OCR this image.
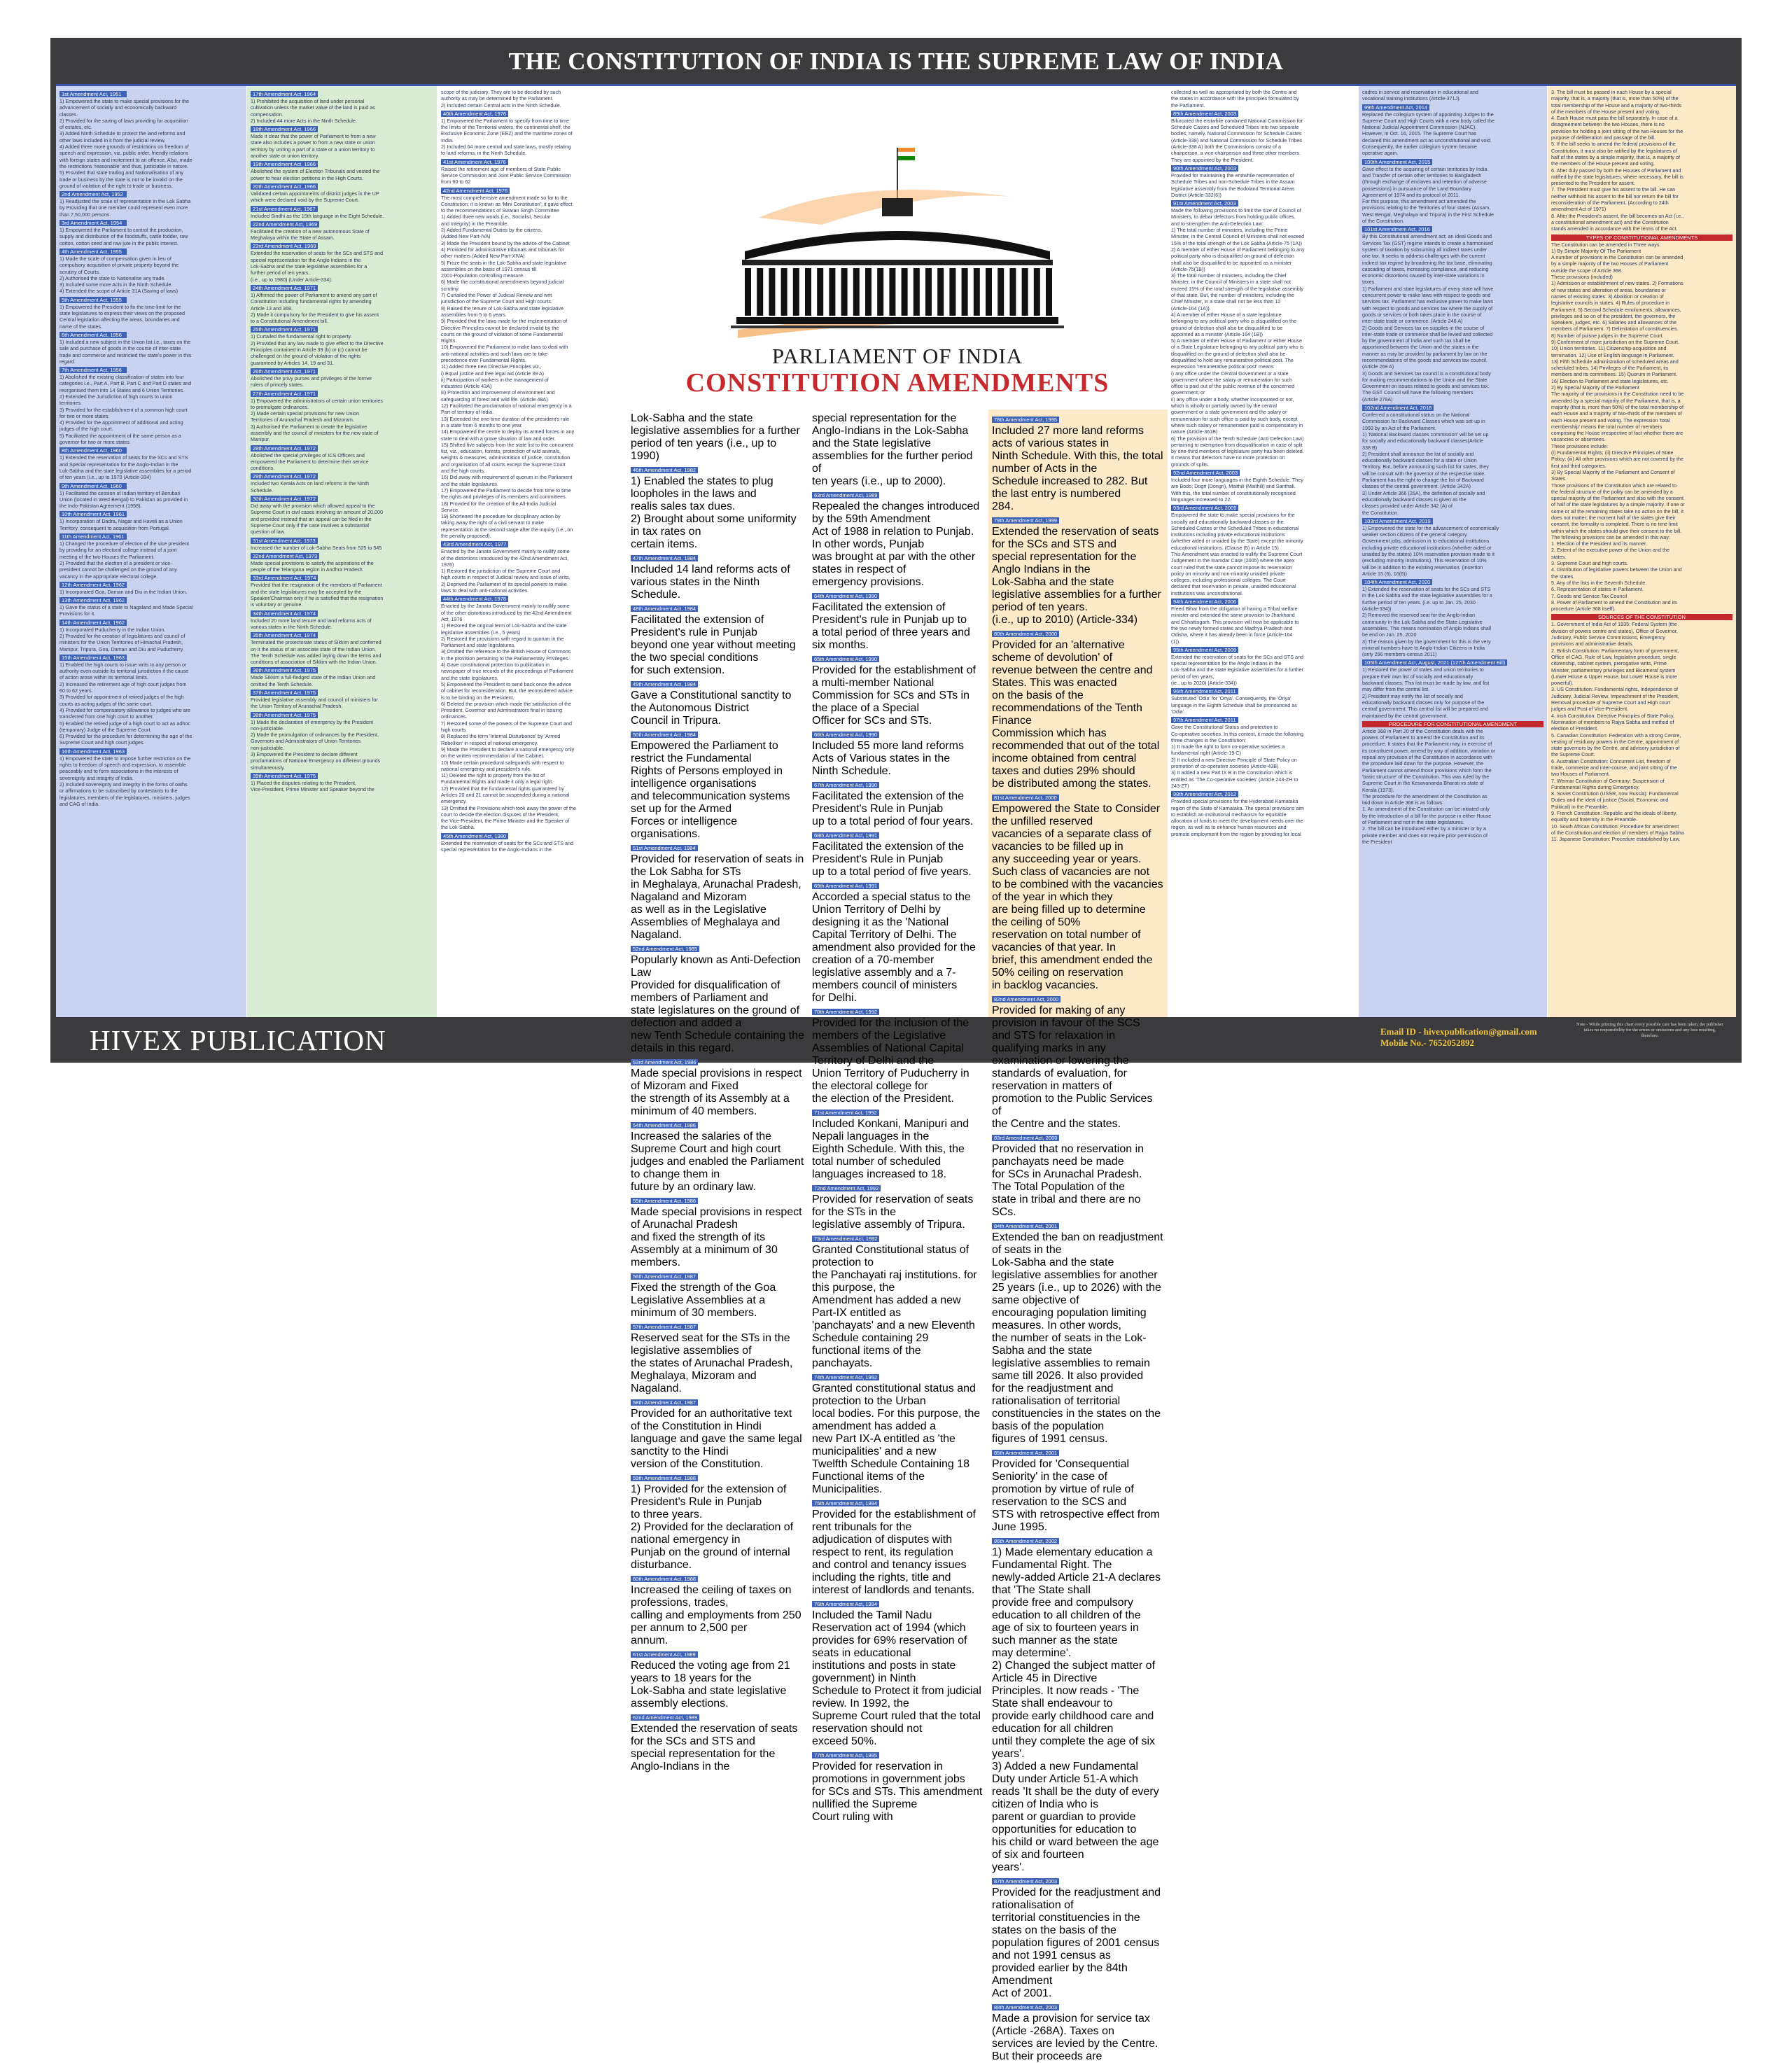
THE CONSTITUTION OF INDIA IS THE SUPREME LAW OF INDIA
1st Amendment Act, 1951
1) Empowered the state to make special provisions for the
advancement of socially and economically backward
classes.
2) Provided for the saving of laws providing for acquisition
of estates, etc.
3) Added Ninth Schedule to protect the land reforms and
other laws included in it from the judicial review.
4) Added three more grounds of restrictions on freedom of
speech and expression, viz. public order, friendly relations
with foreign states and incitement to an offence. Also, made
the restrictions 'reasonable' and thus, justiciable in nature.
5) Provided that state trading and Nationalisation of any
trade or business by the state is not to be invalid on the
ground of violation of the right to trade or business.
2nd Amendment Act, 1952
1) Readjusted the scale of representation in the Lok Sabha
by Providing that one member could represent even more
than 7,50,000 persons.
3rd Amendment Act, 1954
1) Empowered the Parliament to control the production,
supply and distribution of the foodstuffs, cattle fodder, raw
cotton, cotton seed and raw jute in the public interest.
4th Amendment Act, 1955
1) Made the scale of compensation given in lieu of
compulsory acquisition of private property beyond the
scrutiny of Courts.
2) Authorised the state to Nationalise any trade.
3) Included some more Acts in the Ninth Schedule.
4) Extended the scope of Article 31A (Saving of laws)
5th Amendment Act, 1955
1) Empowered the President to fix the time-limit for the
state legislatures to express their views on the proposed
Central legislation affecting the areas, boundaries and
name of the states.
6th Amendment Act, 1956
1) Included a new subject in the Union list i.e., taxes on the
sale and purchase of goods in the course of inter-state
trade and commerce and restricted the state's power in this
regard.
7th Amendment Act, 1956
1) Abolished the existing classification of states into four
categories i.e., Part A, Part B, Part C and Part D states and
reorganised them into 14 States and 6 Union Territories.
2) Extended the Jurisdiction of high courts to union
territories.
3) Provided for the establishment of a common high court
for two or more states.
4) Provided for the appointment of additional and acting
judges of the high court.
5) Facilitated the appointment of the same person as a
governor for two or more states.
8th Amendment Act, 1960
1) Extended the reservation of seats for the SCs and STS
and Special representation for the Anglo-Indian in the
Lok-Sabha and the state legislative assemblies for a period
of ten years (i.e., up to 1970 (Article-334)
9th Amendment Act, 1960
1) Facilitated the cession of Indian territory of Berubari
Union (located in West Bengal) to Pakistan as provided in
the Indo-Pakistan Agreement (1958).
10th Amendment Act, 1961
1) Incorporation of Dadra, Nagar and Haveli as a Union
Territory, consequent to acquisition from Portugal.
11th Amendment Act, 1961
1) Changed the procedure of election of the vice president
by providing for an electoral college instead of a joint
meeting of the two Houses the Parliament.
2) Provided that the election of a president or vice-
president cannot be challenged on the ground of any
vacancy in the appropriate electoral college.
12th Amendment Act, 1962
1) Incorporated Goa, Daman and Diu in the Indian Union.
13th Amendment Act, 1962
1) Gave the status of a state to Nagaland and Made Special
Provisions for it.
14th Amendment Act, 1962
1) Incorporated Puducherry in the Indian Union.
2) Provided for the creation of legislatures and council of
ministers for the Union Territories of Himachal Pradesh,
Manipur, Tripura, Goa, Daman and Diu and Puducherry.
15th Amendment Act, 1963
1) Enabled the high courts to issue writs to any person or
authority even outside its territorial jurisdiction if the cause
of action arose within its territorial limits.
2) Increased the retirement age of high court judges from
60 to 62 years.
3) Provided for appointment of retired judges of the high
courts as acting judges of the same court.
4) Provided for compensatory allowance to judges who are
transferred from one high court to another.
5) Enabled the retired judge of a high court to act as adhoc
(temporary) Judge of the Supreme Court.
6) Provided for the procedure for determining the age of the
Supreme Court and high court judges.
16th Amendment Act, 1963
1) Empowered the state to impose further restriction on the
rights to freedom of speech and expression, to assemble
peaceably and to form associations in the interests of
sovereignty and integrity of India.
2) Included sovereignty and integrity in the forms of oaths
or affirmations to be subscribed by contestants to the
legislatures, members of the legislatures, ministers, judges
and CAG of India.
17th Amendment Act, 1964
1) Prohibited the acquisition of land under personal
cultivation unless the market value of the land is paid as
compensation.
2) Included 44 more Acts in the Ninth Schedule.
18th Amendment Act, 1966
Made it clear that the power of Parliament to from a new
state also includes a power to from a new state or union
territory by uniting a part of a state or a union territory to
another state or union territory.
19th Amendment Act, 1966
Abolished the system of Election Tribunals and vested the
power to hear election petitions in the High Courts.
20th Amendment Act, 1966
Validated certain appointments of district judges in the UP
which were declared void by the Supreme Court.
21st Amendment Act, 1967
Included Sindhi as the 15th language in the Eight Schedule.
22nd Amendment Act, 1969
Facilitated the creation of a new autonomous State of
Meghalaya within the State of Assam.
23rd Amendment Act, 1969
Extended the reservation of seats for the SCs and STS and
special representation for the Anglo Indians in the
Lok-Sabha and the state legislative assemblies for a
further period of ten years,
(i.e., up to 1980) (Under Article-334).
24th Amendment Act, 1971
1) Affirmed the power of Parliament to amend any part of
Constitution including fundamental rights by amending
Article 13 and 368.
2) Made it compulsory for the President to give his assent
to a Constitutional Amendment bill.
25th Amendment Act, 1971
1) Curtailed the fundamental right to property.
2) Provided that any law made to give effect to the Directive
Principles contained in Article 39 (b) or (c) cannot be
challenged on the ground of violation of the rights
guaranteed by Articles 14, 19 and 31.
26th Amendment Act, 1971
Abolished the privy purses and privileges of the former
rulers of princely states.
27th Amendment Act, 1971
1) Empowered the administrators of certain union territories
to promulgate ordinances.
2) Made certain special provisions for new Union
Territories of Arunachal Pradesh and Mizoram.
3) Authorised the Parliament to create the legislative
assembly and the council of ministers for the new state of
Manipur.
28th Amendment Act, 1972
Abolished the special privileges of ICS Officers and
empowered the Parliament to determine their service
conditions.
29th Amendment Act, 1972
Included two Kerala Acts on land reforms in the Ninth
Schedule.
30th Amendment Act, 1972
Did away with the provision which allowed appeal to the
Supreme Court in civil cases involving an amount of 20,000
and provided instead that an appeal can be filed in the
Supreme Court only if the case involves a substantial
question of law.
31st Amendment Act, 1973
Increased the number of Lok-Sabha Seats from 525 to 545
32nd Amendment Act, 1973
Made special provisions to satisfy the aspirations of the
people of the Telangana region in Andhra Pradesh
33rd Amendment Act, 1974
Provided that the resignation of the members of Parliament
and the state legislatures may be accepted by the
Speaker/Chairman only if he is satisfied that the resignation
is voluntary or genuine.
34th Amendment Act, 1974
Included 20 more land tenure and land reforms acts of
various states in the Ninth Schedule.
35th Amendment Act, 1974
Terminated the protectorate status of Sikkim and conferred
on it the status of an associate state of the Indian Union.
The Tenth Schedule was added laying down the terms and
conditions of association of Sikkim with the Indian Union.
36th Amendment Act, 1975
Made Sikkim a full-fledged state of the Indian Union and
omitted the Tenth Schedule.
37th Amendment Act, 1975
Provided legislative assembly and council of ministers for
the Union Territory of Arunachal Pradesh.
38th Amendment Act, 1975
1) Made the declaration of emergency by the President
non-justiciable.
2) Made the promulgation of ordinances by the President,
Governors and Administrators of Union Territories
non-justiciable.
3) Empowered the President to declare different
proclamations of National Emergency on different grounds
simultaneously.
39th Amendment Act, 1975
1) Placed the disputes relating to the President,
Vice-President, Prime Minister and Speaker beyond the
scope of the judiciary. They are to be decided by such
authority as may be determined by the Parliament.
2) Included certain Central acts in the Ninth Schedule.
40th Amendment Act, 1976
1) Empowered the Parliament to specify from time to time
the limits of the Territorial waters, the continental shelf, the
Exclusive Economic Zone (EEZ) and the maritime zones of
India.
2) Included 64 more central and state laws, mostly relating
to land reforms, in the Ninth Schedule.
41st Amendment Act, 1976
Raised the retirement age of members of State Public
Service Commission and Joint Public Service Commission
from 60 to 62
42nd Amendment Act, 1976
The most comprehensive amendment made so far to the
Constitution; it is known as 'Mini Constitution'; it gave effect
to the recommendations of Swaran Singh Committee
1) Added three new words (i.e., Socialist, Secular
and Integrity) in the Preamble.
2) Added Fundamental Duties by the citizens.
(Added New Part-IVA)
3) Made the President bound by the advice of the Cabinet
4) Provided for administrative tribunals and tribunals for
other matters (Added New Part-XIVA)
5) Froze the seats in the Lok-Sabha and state legislative
assemblies on the basis of 1971 census till
2001-Population controlling measure.
6) Made the constitutional amendments beyond judicial
scrutiny.
7) Curtailed the Power of Judicial Review and writ
jurisdiction of the Supreme Court and High courts.
8) Raised the tenure of Lok-Sabha and state legislative
assemblies from 5 to 6 years.
9) Provided that the laws made for the implementation of
Directive Principles cannot be declared invalid by the
courts on the ground of violation of some Fundamental
Rights.
10) Empowered the Parliament to make laws to deal with
anti-national activities and such laws are to take
precedence over Fundamental Rights.
11) Added three new Directive Principles viz.,
i) Equal justice and free legal aid (Article 39 A)
ii) Participation of workers in the management of
industries (Article 43A)
iii) Protection and improvement of environment and
safeguarding of forest and wild life. (Article 48A)
12) Facilitated the proclamation of national emergency in a
Part of territory of India.
13) Extended the one-time duration of the president's rule
in a state from 6 months to one year.
14) Empowered the centre to deploy its armed forces in any
state to deal with a grave situation of law and order.
15) Shifted five subjects from the state list to the concurrent
list, viz., education, forests, protection of wild animals,
weights & measures, administration of justice, constitution
and organisation of all courts except the Supreme Court
and the high courts.
16) Did away with requirement of quorum in the Parliament
and the state legislatures.
17) Empowered the Parliament to decide from time to time
the rights and privileges of its members and committees.
18) Provided for the creation of the All-India Judicial
Service.
19) Shortened the procedure for disciplinary action by
taking away the right of a civil servant to make
representation at the second stage after the inquiry (i.e., on
the penalty proposed).
43rd Amendment Act, 1977
Enacted by the Janata Government mainly to nullify some
of the distortions introduced by the 42nd Amendment Act,
1976)
1) Restored the jurisdiction of the Supreme Court and
high courts in respect of Judicial review and issue of writs.
2) Deprived the Parliament of its special powers to make
laws to deal with anti-national activities.
44th Amendment Act, 1978
Enacted by the Janata Government mainly to nullify some
of the other distortions introduced by the 42nd Amendment
Act, 1976
1) Restored the original term of Lok-Sabha and the state
legislative assemblies (i.e., 5 years)
2) Restored the provisions with regard to quorum in the
Parliament and state legislatures.
3) Omitted the reference to the British House of Commons
in the provision pertaining to the Parliamentary Privileges.
4) Gave constitutional protection to publication in
newspaper of true records of the proceedings of Parliament
and the state legislatures.
5) Empowered the President to send back once the advice
of cabinet for reconsideration. But, the reconsidered advice
is to be binding on the President.
6) Deleted the provision which made the satisfaction of the
President, Governor and Administrators final in issuing
ordinances.
7) Restored some of the powers of the Supreme Court and
high courts.
8) Replaced the term 'Internal Disturbance' by 'Armed
Rebellion' in respect of national emergency.
9) Made the President to declare a national emergency only
on the written recommendation of the Cabinet.
10) Made certain procedural safeguards with respect to
national emergency and president's rule.
11) Deleted the right to property from the list of
Fundamental Rights and made it only a legal right.
12) Provided that the fundamental rights guaranteed by
Articles 20 and 21 cannot be suspended during a national
emergency.
13) Omitted the Provisions which took away the power of the
court to decide the election disputes of the President,
the Vice-President, the Prime Minister and the Speaker of
the Lok-Sabha.
45th Amendment Act, 1980
Extended the reservation of seats for the SCs and STS and
special representation for the Anglo-Indians in the
PARLIAMENT OF INDIA
CONSTITUTION AMENDMENTS
Lok-Sabha and the state legislative assemblies for a further
period of ten years (i.e., up to 1990)
46th Amendment Act, 1982
1) Enabled the states to plug loopholes in the laws and
realis sales tax dues.
2) Brought about some uniformity in tax rates on
certain items.
47th Amendment Act, 1984
Included 14 land reforms acts of various states in the Ninth
Schedule.
48th Amendment Act, 1984
Facilitated the extension of President's rule in Punjab
beyond one year without meeting the two special conditions
for such extension.
49th Amendment Act, 1984
Gave a Constitutional sanctity to the Autonomous District
Council in Tripura.
50th Amendment Act, 1984
Empowered the Parliament to restrict the Fundamental
Rights of Persons employed in intelligence organisations
and telecommunication systems set up for the Armed
Forces or intelligence organisations.
51st Amendment Act, 1984
Provided for reservation of seats in the Lok Sabha for STs
in Meghalaya, Arunachal Pradesh, Nagaland and Mizoram
as well as in the Legislative Assemblies of Meghalaya and
Nagaland.
52nd Amendment Act, 1985
Popularly known as Anti-Defection Law
Provided for disqualification of members of Parliament and
state legislatures on the ground of defection and added a
new Tenth Schedule containing the details in this regard.
53rd Amendment Act, 1986
Made special provisions in respect of Mizoram and Fixed
the strength of its Assembly at a minimum of 40 members.
54th Amendment Act, 1986
Increased the salaries of the Supreme Court and high court
judges and enabled the Parliament to change them in
future by an ordinary law.
55th Amendment Act, 1986
Made special provisions in respect of Arunachal Pradesh
and fixed the strength of its Assembly at a minimum of 30
members.
56th Amendment Act, 1987
Fixed the strength of the Goa Legislative Assemblies at a
minimum of 30 members.
57th Amendment Act, 1987
Reserved seat for the STs in the legislative assemblies of
the states of Arunachal Pradesh, Meghalaya, Mizoram and
Nagaland.
58th Amendment Act, 1987
Provided for an authoritative text of the Constitution in Hindi
language and gave the same legal sanctity to the Hindi
version of the Constitution.
59th Amendment Act, 1988
1) Provided for the extension of President's Rule in Punjab
to three years.
2) Provided for the declaration of national emergency in
Punjab on the ground of internal disturbance.
60th Amendment Act, 1988
Increased the ceiling of taxes on professions, trades,
calling and employments from 250 per annum to 2,500 per
annum.
61st Amendment Act, 1989
Reduced the voting age from 21 years to 18 years for the
Lok-Sabha and state legislative assembly elections.
62nd Amendment Act, 1989
Extended the reservation of seats for the SCs and STS and
special representation for the Anglo-Indians in the
special representation for the Anglo-Indians in the Lok-Sabha
and the State legislative assemblies for the further period of
ten years (i.e., up to 2000).
63rd Amendment Act, 1989
Repealed the changes introduced by the 59th Amendment
Act of 1988 in relation to Punjab. In other words, Punjab
was brought at par with the other states in respect of
emergency provisions.
64th Amendment Act, 1990
Facilitated the extension of President's rule in Punjab up to
a total period of three years and six months.
65th Amendment Act, 1990
Provided for the establishment of a multi-member National
Commission for SCs and STs in the place of a Special
Officer for SCs and STs.
66th Amendment Act, 1990
Included 55 more land reforms Acts of Various states in the
Ninth Schedule.
67th Amendment Act, 1990
Facilitated the extension of the President's Rule in Punjab
up to a total period of four years.
68th Amendment Act, 1991
Facilitated the extension of the President's Rule in Punjab
up to a total period of five years.
69th Amendment Act, 1991
Accorded a special status to the Union Territory of Delhi by
designing it as the 'National Capital Territory of Delhi. The
amendment also provided for the creation of a 70-member
legislative assembly and a 7-members council of ministers
for Delhi.
70th Amendment Act, 1992
Provided for the inclusion of the members of the Legislative
Assemblies of National Capital Territory of Delhi and the
Union Territory of Puducherry in the electoral college for
the election of the President.
71st Amendment Act, 1992
Included Konkani, Manipuri and Nepali languages in the
Eighth Schedule. With this, the total number of scheduled
languages increased to 18.
72nd Amendment Act, 1992
Provided for reservation of seats for the STs in the
legislative assembly of Tripura.
73rd Amendment Act, 1992
Granted Constitutional status of protection to
the Panchayati raj institutions. for this purpose, the
Amendment has added a new Part-IX entitled as
'panchayats' and a new Eleventh Schedule containing 29
functional items of the panchayats.
74th Amendment Act, 1992
Granted constitutional status and protection to the Urban
local bodies. For this purpose, the amendment has added a
new Part IX-A entitled as 'the municipalities' and a new
Twelfth Schedule Containing 18 Functional items of the
Municipalities.
75th Amendment Act, 1994
Provided for the establishment of rent tribunals for the
adjudication of disputes with respect to rent, its regulation
and control and tenancy issues including the rights, title and
interest of landlords and tenants.
76th Amendment Act, 1994
Included the Tamil Nadu Reservation act of 1994 (which
provides for 69% reservation of seats in educational
institutions and posts in state government) in Ninth
Schedule to Protect it from judicial review. In 1992, the
Supreme Court ruled that the total reservation should not
exceed 50%.
77th Amendment Act, 1995
Provided for reservation in promotions in government jobs
for SCs and STs. This amendment nullified the Supreme
Court ruling with
78th Amendment Act, 1995
Included 27 more land reforms acts of various states in
Ninth Schedule. With this, the total number of Acts in the
Schedule increased to 282. But the last entry is numbered
284.
79th Amendment Act, 1999
Extended the reservation of seats for the SCs and STS and
special representation for the Anglo Indians in the
Lok-Sabha and the state legislative assemblies for a further
period of ten years.
(i.e., up to 2010) (Article-334)
80th Amendment Act, 2000
Provided for an 'alternative scheme of devolution' of
revenue between the centre and States. This was enacted
on the basis of the recommendations of the Tenth Finance
Commission which has recommended that out of the total
income obtained from central taxes and duties 29% should
be distributed among the states.
81st Amendment Act, 2000
Empowered the State to Consider the unfilled reserved
vacancies of a separate class of vacancies to be filled up in
any succeeding year or years. Such class of vacancies are not
to be combined with the vacancies of the year in which they
are being filled up to determine the ceiling of 50%
reservation on total number of vacancies of that year. In
brief, this amendment ended the 50% ceiling on reservation
in backlog vacancies.
82nd Amendment Act, 2000
Provided for making of any provision in favour of the SCS
and STS for relaxation in qualifying marks in any
examination or lowering the standards of evaluation, for
reservation in matters of promotion to the Public Services of
the Centre and the states.
83rd Amendment Act, 2000
Provided that no reservation in panchayats need be made
for SCs in Arunachal Pradesh. The Total Population of the
state in tribal and there are no SCs.
84th Amendment Act, 2001
Extended the ban on readjustment of seats in the
Lok-Sabha and the state legislative assemblies for another
25 years (i.e., up to 2026) with the same objective of
encouraging population limiting measures. In other words,
the number of seats in the Lok-Sabha and the state
legislative assemblies to remain same till 2026. It also provided
for the readjustment and rationalisation of territorial
constituencies in the states on the basis of the population
figures of 1991 census.
85th Amendment Act, 2001
Provided for 'Consequential Seniority' in the case of
promotion by virtue of rule of reservation to the SCS and
STS with retrospective effect from June 1995.
86th Amendment Act, 2002
1) Made elementary education a Fundamental Right. The
newly-added Article 21-A declares that 'The State shall
provide free and compulsory education to all children of the
age of six to fourteen years in such manner as the state
may determine'.
2) Changed the subject matter of Article 45 in Directive
Principles. It now reads - 'The State shall endeavour to
provide early childhood care and education for all children
until they complete the age of six years'.
3) Added a new Fundamental Duty under Article 51-A which
reads 'It shall be the duty of every citizen of India who is
parent or guardian to provide opportunities for education to
his child or ward between the age of six and fourteen
years'.
87th Amendment Act, 2003
Provided for the readjustment and rationalisation of
territorial constituencies in the states on the basis of the
population figures of 2001 census and not 1991 census as
provided earlier by the 84th Amendment
Act of 2001.
88th Amendment Act, 2003
Made a provision for service tax (Article -268A). Taxes on
services are levied by the Centre. But their proceeds are
collected as well as appropriated by both the Centre and
the states in accordance with the principles formulated by
the Parliament.
89th Amendment Act, 2003
Bifurcated the erstwhile combined National Commission for
Schedule Castes and Scheduled Tribes into two separate
bodies, namely, National Commission for Schedule Castes
(Article-338) and National Commission for Schedule Tribes
(Article-338 A) both the Commissions consist of a
chairperson, a vice-chairperson and three other members.
They are appointed by the President.
90th Amendment Act, 2003
Provided for maintaining the erstwhile representation of
Schedule Tribes and non-Schedule Tribes in the Assam
legislative assembly from the Bodoland Territorial Areas
District (Article-332(6))
91st Amendment Act, 2003
Made the following provisions to limit the size of Council of
Ministers, to debar defectors from holding public offices,
and to strengthen the Anti-Defection Law:
1) The total number of ministers, including the Prime
Minister, in the Central Council of Ministers shall not exceed
15% of the total strength of the Lok Sabha (Article-75 (1A))
2) A member of either House of Parliament belonging to any
political party who is disqualified on ground of defection
shall also be disqualified to be appointed as a minister
(Article-75(1B))
3) The total number of ministers, including the Chief
Minister, in the Council of Ministers in a state shall not
exceed 15% of the total strength of the legislative assembly
of that state. But, the number of ministers, including the
Chief Minister, in a state shall not be less than 12
(Article-164 (1A)).
4) A member of either House of a state legislature
belonging to any political party who is disqualified on the
ground of defection shall also be disqualified to be
appointed as a minister (Article-164 (1B))
5) A member of either House of Parliament or either House
of a State Legislature belonging to any political party who is
disqualified on the ground of defection shall also be
disqualified to hold any remunerative political post. The
expression 'remunerative political post' means
i) any office under the Central Government or a state
government where the salary or remuneration for such
office is paid out of the public revenue of the concerned
government; or
ii) any office under a body, whether incorporated or not,
which is wholly or partially owned by the central
government or a state government and the salary or
remuneration for such office is paid by such body, except
where such salary or remuneration paid is compensatory in
nature (Article-361B)
6) The provision of the Tenth Schedule (Anti Defection Law)
pertaining to exemption from disqualification in case of split
by one-third members of legislature party has been deleted.
It means that defectors have no more protection on
grounds of splits.
92nd Amendment Act, 2003
Included four more languages in the Eighth Schedule. They
are Bodo, Dogri (Dongri), Maithili (Maithili) and Santhali.
With this, the total number of constitutionally recognised
languages increased to 22.
93rd Amendment Act, 2005
Empowered the state to make special provisions for the
socially and educationally backward classes or the
Scheduled Castes or the Scheduled Tribes in educational
institutions including private educational institutions
(whether aided or unaided by the State) except the minority
educational institutions. (Clause (5) in Article 15)
This Amendment was enacted to nullify the Supreme Court
Judgement in the Inamdar Case (2005) where the apex
court ruled that the state cannot impose its reservation
policy on minority and non-minority unaided private
colleges, including professional colleges. The Court
declared that reservation in private, unaided educational
institutions was unconstitutional.
94th Amendment Act, 2006
Freed Bihar from the obligation of having a Tribal welfare
minister and extended the same provision to Jharkhand
and Chhattisgarh. This provision will now be applicable to
the two newly formed states and Madhya Pradesh and
Odisha, where it has already been in force (Article-164
(1)).
95th Amendment Act, 2009
Extended the reservation of seats for the SCs and STS and
special representation for the Anglo Indians in the
Lok-Sabha and the state legislative assemblies for a further
period of ten years,
(ie., up to 2020) (Article-334))
96th Amendment Act, 2011
Substituted 'Odia' for 'Oriya'. Consequently, the 'Oriya'
language in the Eighth Schedule shall be pronounced as
'Odia'.
97th Amendment Act, 2011
Gave the Constitutional Status and protection to
Co-operative societies. In this context, it made the following
three changes in the Constitution:
1) It made the right to form co-operative societies a
fundamental right (Article-19 C)
2) It included a new Directive Principle of State Policy on
promotion of co-operative societies (Article-43B)
3) It added a new Part IX B in the Constitution which is
entitled as 'The Co-operative societies' (Article 243-ZH to
243-ZT)
98th Amendment Act, 2012
Provided special provisions for the Hyderabad Karnataka
region of the State of Karnataka. The special provisions aim
to establish an institutional mechanism for equitable
allocation of funds to meet the development needs over the
region, as well as to enhance human resources and
promote employment from the region by providing for local
cadres in service and reservation in educational and
vocational training institutions (Article-371J).
99th Amendment Act, 2014
Replaced the collegium system of appointing Judges to the
Supreme Court and High Courts with a new body called the
National Judicial Appointment Commission (NJAC).
However, in Oct. 16, 2015. The Supreme Court has
declared this amendment act as unconstitutional and void.
Consequently, the earlier collegium system became
operative again.
100th Amendment Act, 2015
Gave effect to the acquiring of certain territories by India
and Transfer of certain other territories to Bangladesh
(through exchange of enclaves and retention of adverse
possessions) in pursuance of the Land Boundary
Agreement of 1974 and its protocol of 2011.
For this purpose, this amendment act amended the
provisions relating to the Territories of four states (Assam,
West Bengal, Meghalaya and Tripura) in the First Schedule
of the Constitution.
101st Amendment Act, 2016
By this Constitutional amendment act; an ideal Goods and
Services Tax (GST) regime intends to create a harmonised
system of taxation by subsuming all indirect taxes under
one tax. It seeks to address challenges with the current
indirect tax regime by broadening the tax base, eliminating
cascading of taxes, increasing compliance, and reducing
economic distortions caused by inter-state variations in
taxes.
1) Parliament and state legislatures of every state will have
concurrent power to make laws with respect to goods and
services tax. Parliament has exclusive power to make laws
with respect to goods and services tax where the supply of
goods or services or both takes place in the course of
inter-state trade or commerce. (Article 246 A)
2) Goods and Services tax on supplies in the course of
inter-state trade or commerce shall be levied and collected
by the government of India and such tax shall be
apportioned between the Union and the states in the
manner as may be provided by parliament by law on the
recommendations of the goods and services tax council.
(Article 269 A)
3) Goods and Services tax council is a constitutional body
for making recommendations to the Union and the State
Government on issues related to goods and services tax.
The GST Council will have the following members
(Article 279A)
102nd Amendment Act, 2018
Conferred a constitutional status on the National
Commission for Backward Classes which was set-up in
1993 by an Act of the Parliament.
1) 'National Backward classes commission' will be set up
for socially and educationally backward classes(Article
338 B)
2) President shall announce the list of socially and
educationally backward classes for a state or Union
Territory. But, before announcing such list for states, they
will be consult with the governor of the respective state.
Parliament has the right to change the list of Backward
classes of the central government. (Article 342A)
3) Under Article 366 (26A), the definition of socially and
educationally backward classes is given as the
classes provided under Article 342 (A) of
the Constitution.
103rd Amendment Act, 2019
1) Empowered the state for the advancement of economically
weaker section citizens of the general category.
Government jobs, admission in to educational institutions
including private educational institutions (whether aided or
unaided by the states) 10% reservation provision made to it
(excluding minority institutions). This reservation of 10%
will be in addition to the existing reservation. (insertion
Article 15 (6), 16(6))
104th Amendment Act, 2020
1) Extended the reservation of seats for the SCs and STS
in the Lok-Sabha and the state legislative assemblies for a
further period of ten years. (i.e. up to Jan. 25, 2030
(Article-334))
2) Removed the reserved seat for the Anglo-Indian
community in the Lok-Sabha and the State Legislative
assemblies. This means nomination of Anglo Indians shall
be end on Jan. 25, 2020
3) The reason given by the government for this is the very
minimal numbers have to Anglo-Indian Citizens in India
(only 296 members-census 2011)
105th Amendment Act, August, 2021 (127th Amendment Bill)
1) Restored the power of states and union territories to
prepare their own list of socially and educationally
backward classes. This list must be made by law, and list
may differ from the central list.
2) President may notify the list of socially and
educationally backward classes only for purpose of the
central government. This central list will be prepared and
maintained by the central government.
PROCEDURE FOR CONSTITUTIONAL AMENDMENT
Article 368 in Part 20 of the Constitution deals with the
powers of Parliament to amend the Constitution and its
procedure. It states that the Parliament may, in exercise of
its constituent power, amend by way of addition, variation or
repeal any provision of the Constitution in accordance with
the procedure laid down for the purpose. However, the
Parliament cannot amend those provisions which form the
'basic structure' of the Constitution. This was ruled by the
Supreme Court in the Kesavananda Bharati vs state of
Kerala (1973).
The procedure for the amendment of the Constitution as
laid down in Article 368 is as follows:
1. An amendment of the Constitution can be initiated only
by the introduction of a bill for the purpose in either House
of Parliament and not in the state legislatures.
2. The bill can be introduced either by a minister or by a
private member and does not require prior permission of
the President
3. The bill must be passed in each House by a special
majority, that is, a majority (that is, more than 50%) of the
total membership of the House and a majority of two-thirds
of the members of the House present and voting.
4. Each House must pass the bill separately. In case of a
disagreement between the two Houses, there is no
provision for holding a joint sitting of the two Houses for the
purpose of deliberation and passage of the bill.
5. If the bill seeks to amend the federal provisions of the
Constitution, it must also be ratified by the legislatures of
half of the states by a simple majority, that is, a majority of
the members of the House present and voting.
6. After duly passed by both the Houses of Parliament and
ratified by the state legislatures, where necessary, the bill is
presented to the President for assent.
7. The President must give his assent to the bill. He can
neither withhold his assent to the bill nor return the bill for
reconsideration of the Parliament. (According to 24th
amendment Act of 1971)
8. After the President's assent, the bill becomes an Act (i.e.,
a constitutional amendment act) and the Constitution
stands amended in accordance with the terms of the Act.
TYPES OF CONSTITUTIONAL AMENDMENTS
The Constitution can be amended in Three ways:
1) By Simple Majority Of The Parliament
A number of provisions in the Constitution can be amended
by a simple majority of the two Houses of Parliament
outside the scope of Article 368.
These provisions (included)
1) Admission or establishment of new states. 2) Formations
of new states and alteration of areas, boundaries or
names of existing states. 3) Abolition or creation of
legislative councils in states. 4) Rules of procedure in
Parliament. 5) Second Schedule emoluments, allowances,
privileges and so on of the president, the governors, the
Speakers, judges, etc. 6) Salaries and allowances of the
members of Parliament. 7) Delimitation of constituencies.
8) Number of puisne judges in the Supreme Court.
9) Conferment of more jurisdiction on the Supreme Court.
10) Union territories. 11) Citizenship-acquisition and
termination. 12) Use of English language in Parliament.
13) Fifth Schedule administration of scheduled areas and
scheduled tribes. 14) Privileges of the Parliament, its
members and its committees. 15) Quorum in Parliament.
16) Election to Parliament and state legislatures, etc.
2) By Special Majority of the Parliament
The majority of the provisions in the Constitution need to be
amended by a special majority of the Parliament, that is, a
majority (that is, more than 50%) of the total membership of
each House and a majority of two-thirds of the members of
each House present and voting. The expression 'total
membership' means the total number of members
comprising the House irrespective of fact whether there are
vacancies or absentees.
These provisions include:
(i) Fundamental Rights; (ii) Directive Principles of State
Policy; (iii) All other provisions which are not covered by the
first and third categories.
3) By Special Majority of the Parliament and Consent of
States
Those provisions of the Constitution which are related to
the federal structure of the polity can be amended by a
special majority of the Parliament and also with the consent
of half of the state legislatures by a simple majority. If one or
some or all the remaining states take no action on the bill, it
does not matter; the moment half of the states give their
consent, the formality is completed. There is no time limit
within which the states should give their consent to the bill.
The following provisions can be amended in this way:
1. Election of the President and its manner.
2. Extent of the executive power of the Union and the
states.
3. Supreme Court and high courts.
4. Distribution of legislative powers between the Union and
the states.
5. Any of the lists in the Seventh Schedule.
6. Representation of states in Parliament.
7. Goods and Service Tax Council
8. Power of Parliament to amend the Constitution and its
procedure (Article 368 itself).
SOURCES OF THE CONSTITUTION
1. Government of India Act of 1935: Federal System (the
division of powers centre and states), Office of Governor,
Judiciary, Public Service Commissions, Emergency
provisions and administrative details.
2. British Constitution: Parliamentary form of government,
Office of CAG, Rule of Law, legislative procedure, single
citizenship, cabinet system, prerogative writs, Prime
Minister, parliamentary privileges and Bicameral system
(Lower House & Upper House, but Lower House is more
powerful).
3. US Constitution: Fundamental rights, Independence of
Judiciary, Judicial Review, Impeachment of the President,
Removal procedure of Supreme Court and High court
judges and Post of Vice-President.
4. Irish Constitution: Directive Principles of State Policy,
Nomination of members to Rajya Sabha and method of
election of President.
5. Canadian Constitution: Federation with a strong Centre,
vesting of residuary powers in the Centre, appointment of
state governors by the Centre, and advisory jurisdiction of
the Supreme Court.
6. Australian Constitution: Concurrent List, freedom of
trade, commerce and inter-course, and joint sitting of the
two Houses of Parliament.
7. Weimar Constitution of Germany: Suspension of
Fundamental Rights during Emergency.
8. Soviet Constitution (USSR, now Russia): Fundamental
Duties and the ideal of justice (Social, Economic and
Political) in the Preamble.
9. French Constitution: Republic and the ideals of liberty,
equality and fraternity in the Preamble.
10. South African Constitution: Procedure for amendment
of the Constitution and election of members of Rajya Sabha
11. Japanese Constitution: Procedure established by Law.
HIVEX PUBLICATION	Email ID - hivexpublication@gmail.com
Mobile No.- 7652052892
Note - While printing this chart every possible care has been taken, the publisher takes no responsibility for the errors or omissions and any loss resulting, therefore.
